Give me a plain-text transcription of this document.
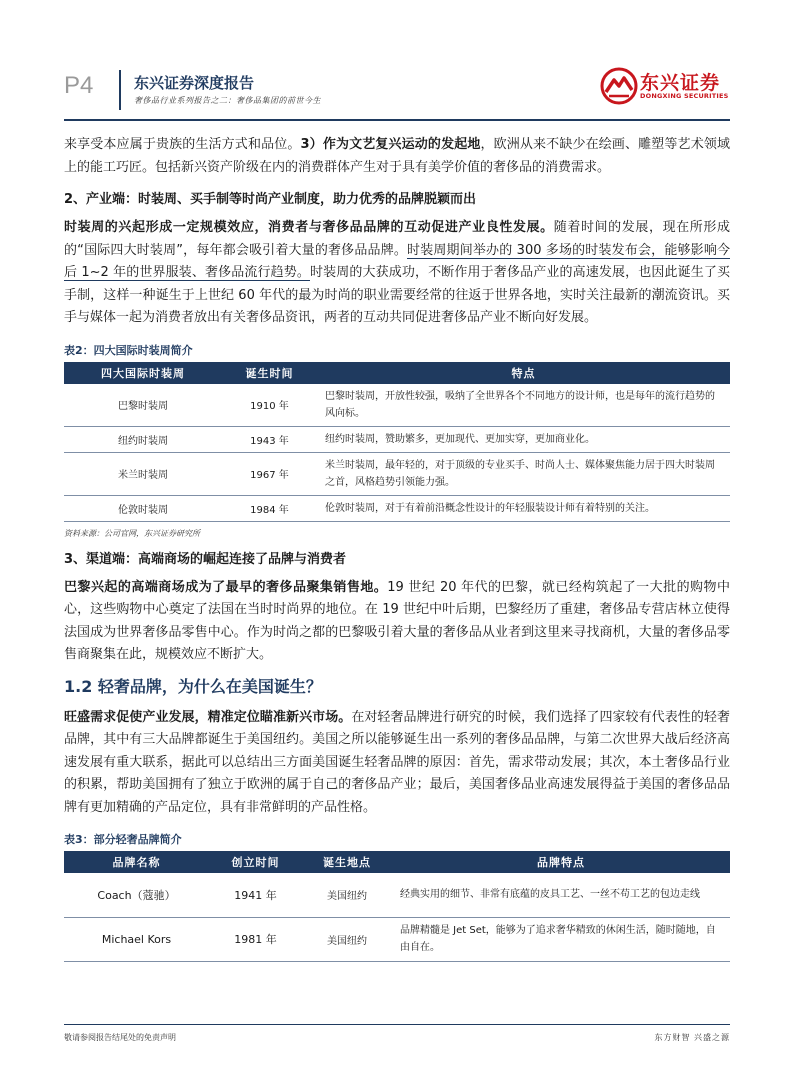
P4	东兴证券深度报告
奢侈品行业系列报告之二：奢侈品集团的前世今生
东兴证券
DONGXING SECURITIES

来享受本应属于贵族的生活方式和品位。3）作为文艺复兴运动的发起地，欧洲从来不缺少在绘画、雕塑等艺术领域上的能工巧匠。包括新兴资产阶级在内的消费群体产生对于具有美学价值的奢侈品的消费需求。

2、产业端：时装周、买手制等时尚产业制度，助力优秀的品牌脱颖而出

时装周的兴起形成一定规模效应，消费者与奢侈品品牌的互动促进产业良性发展。随着时间的发展，现在所形成的“国际四大时装周”，每年都会吸引着大量的奢侈品品牌。时装周期间举办的 300 多场的时装发布会，能够影响今后 1~2 年的世界服装、奢侈品流行趋势。时装周的大获成功，不断作用于奢侈品产业的高速发展，也因此诞生了买手制，这样一种诞生于上世纪 60 年代的最为时尚的职业需要经常的往返于世界各地，实时关注最新的潮流资讯。买手与媒体一起为消费者放出有关奢侈品资讯，两者的互动共同促进奢侈品产业不断向好发展。

表2：四大国际时装周简介
四大国际时装周	诞生时间	特点
巴黎时装周	1910 年	巴黎时装周，开放性较强，吸纳了全世界各个不同地方的设计师，也是每年的流行趋势的风向标。
纽约时装周	1943 年	纽约时装周，赞助繁多，更加现代、更加实穿，更加商业化。
米兰时装周	1967 年	米兰时装周，最年轻的，对于顶级的专业买手、时尚人士、媒体聚焦能力居于四大时装周之首，风格趋势引领能力强。
伦敦时装周	1984 年	伦敦时装周，对于有着前沿概念性设计的年轻服装设计师有着特别的关注。
资料来源：公司官网，东兴证券研究所
3、渠道端：高端商场的崛起连接了品牌与消费者

巴黎兴起的高端商场成为了最早的奢侈品聚集销售地。19 世纪 20 年代的巴黎，就已经构筑起了一大批的购物中心，这些购物中心奠定了法国在当时时尚界的地位。在 19 世纪中叶后期，巴黎经历了重建，奢侈品专营店林立使得法国成为世界奢侈品零售中心。作为时尚之都的巴黎吸引着大量的奢侈品从业者到这里来寻找商机，大量的奢侈品零售商聚集在此，规模效应不断扩大。

1.2 轻奢品牌，为什么在美国诞生？

旺盛需求促使产业发展，精准定位瞄准新兴市场。在对轻奢品牌进行研究的时候，我们选择了四家较有代表性的轻奢品牌，其中有三大品牌都诞生于美国纽约。美国之所以能够诞生出一系列的奢侈品品牌，与第二次世界大战后经济高速发展有重大联系，据此可以总结出三方面美国诞生轻奢品牌的原因：首先，需求带动发展；其次，本土奢侈品行业的积累，帮助美国拥有了独立于欧洲的属于自己的奢侈品产业；最后，美国奢侈品业高速发展得益于美国的奢侈品品牌有更加精确的产品定位，具有非常鲜明的产品性格。

表3：部分轻奢品牌简介
品牌名称	创立时间	诞生地点	品牌特点
Coach（蔻驰）	1941 年	美国纽约	经典实用的细节、非常有底蕴的皮具工艺、一丝不苟工艺的包边走线
Michael Kors	1981 年	美国纽约	品牌精髓是 Jet Set，能够为了追求奢华精致的休闲生活，随时随地，自由自在。
敬请参阅报告结尾处的免责声明	东方财智 兴盛之源
